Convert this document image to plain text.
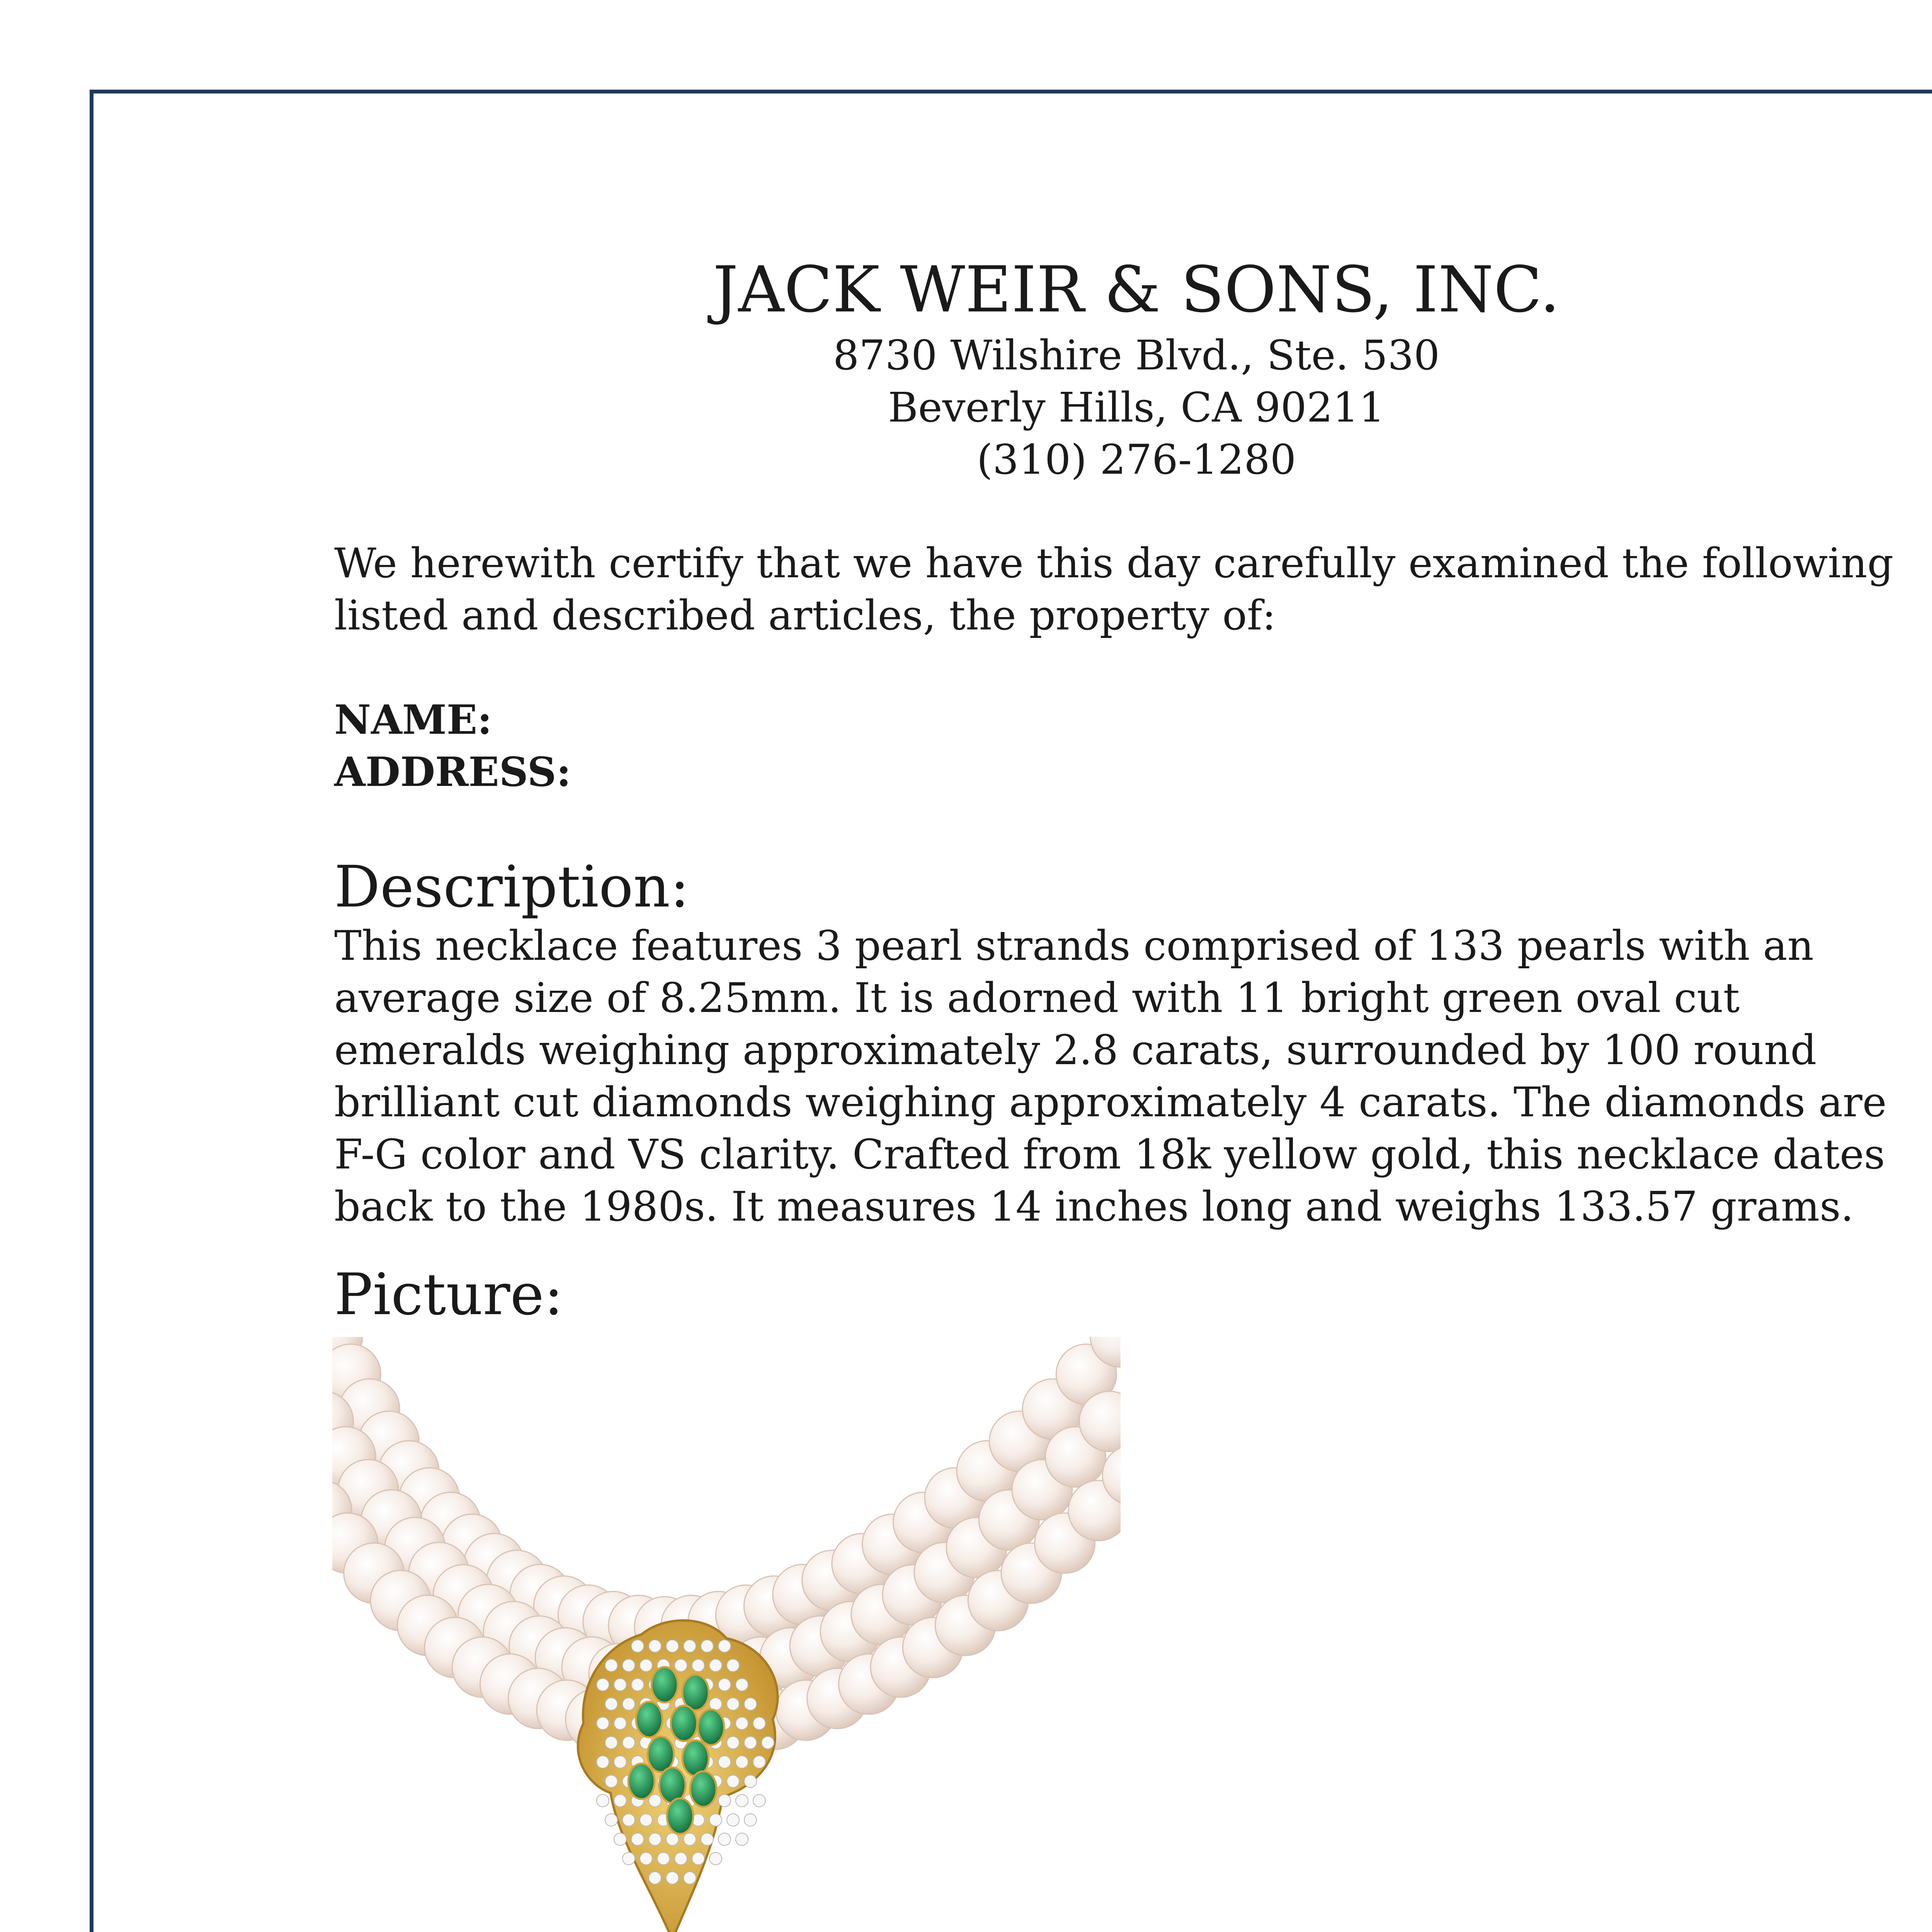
JACK WEIR & SONS, INC.
8730 Wilshire Blvd., Ste. 530
Beverly Hills, CA 90211
(310) 276-1280
We herewith certify that we have this day carefully examined the following listed and described articles, the property of:
NAME:
ADDRESS:
Description:
This necklace features 3 pearl strands comprised of 133 pearls with an average size of 8.25mm. It is adorned with 11 bright green oval cut emeralds weighing approximately 2.8 carats, surrounded by 100 round brilliant cut diamonds weighing approximately 4 carats. The diamonds are F-G color and VS clarity. Crafted from 18k yellow gold, this necklace dates back to the 1980s. It measures 14 inches long and weighs 133.57 grams.
Picture:
